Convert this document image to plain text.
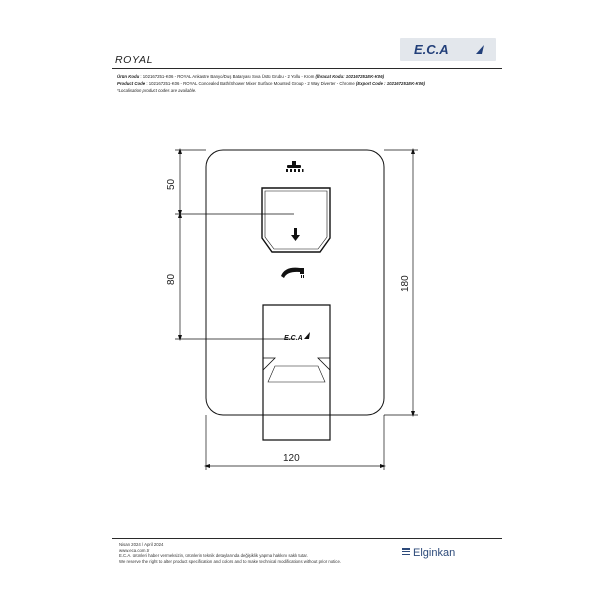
E.C.A
ROYAL
Ürün Kodu : 102167251-K06 - ROYAL Ankastre Banyo/Duş Bataryası Sıva Üstü Grubu - 2 Yollu - Krom (İhracat Kodu: 102167251EK-K06)
Product Code : 102167251-K06 - ROYAL Concealed Bath/Shower Mixer Surface Mounted Group - 2 Way Diverter - Chrome (Export Code : 102167251EK-K06)
*Localisation product codes are available.
E.C.A
50
80	180
120
Nisan 2024 / April 2024
www.eca.com.tr
E.C.A. ürünleri haber vermeksizin, ürünlerin teknik detaylarında değişiklik yapma hakkını saklı tutar.
We reserve the right to alter product specification and colors and to make technical modifications without prior notice.
Elginkan
